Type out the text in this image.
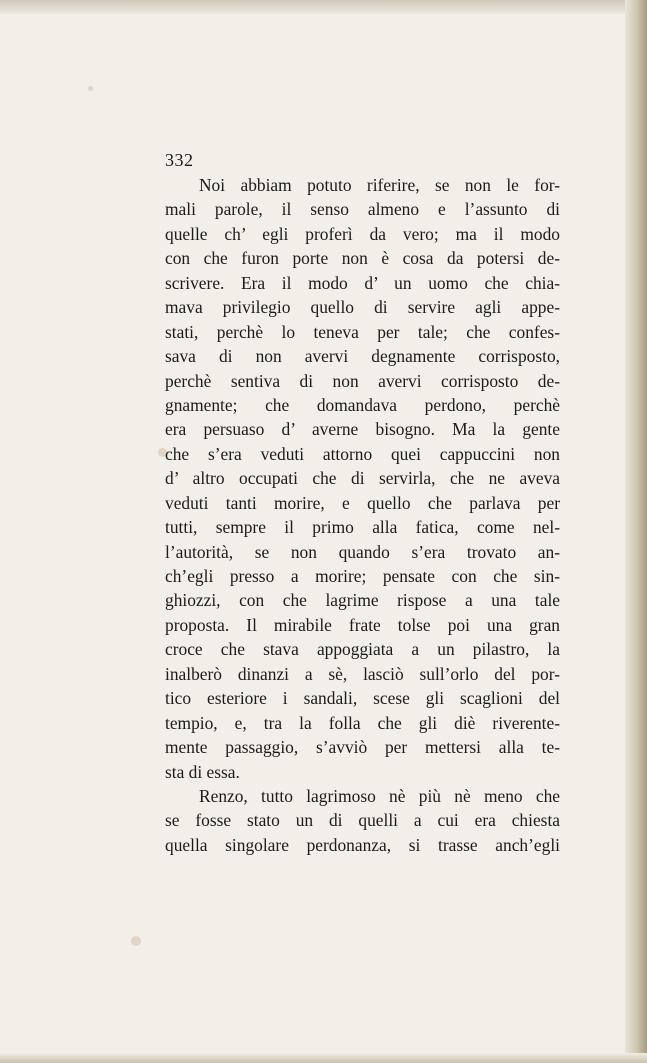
332
Noi abbiam potuto riferire, se non le for-
mali parole, il senso almeno e l’assunto di
quelle ch’ egli proferì da vero; ma il modo
con che furon porte non è cosa da potersi de-
scrivere. Era il modo d’ un uomo che chia-
mava privilegio quello di servire agli appe-
stati, perchè lo teneva per tale; che confes-
sava di non avervi degnamente corrisposto,
perchè sentiva di non avervi corrisposto de-
gnamente; che domandava perdono, perchè
era persuaso d’ averne bisogno. Ma la gente
che s’era veduti attorno quei cappuccini non
d’ altro occupati che di servirla, che ne aveva
veduti tanti morire, e quello che parlava per
tutti, sempre il primo alla fatica, come nel-
l’autorità, se non quando s’era trovato an-
ch’egli presso a morire; pensate con che sin-
ghiozzi, con che lagrime rispose a una tale
proposta. Il mirabile frate tolse poi una gran
croce che stava appoggiata a un pilastro, la
inalberò dinanzi a sè, lasciò sull’orlo del por-
tico esteriore i sandali, scese gli scaglioni del
tempio, e, tra la folla che gli diè riverente-
mente passaggio, s’avviò per mettersi alla te-
sta di essa.
Renzo, tutto lagrimoso nè più nè meno che
se fosse stato un di quelli a cui era chiesta
quella singolare perdonanza, si trasse anch’egli
